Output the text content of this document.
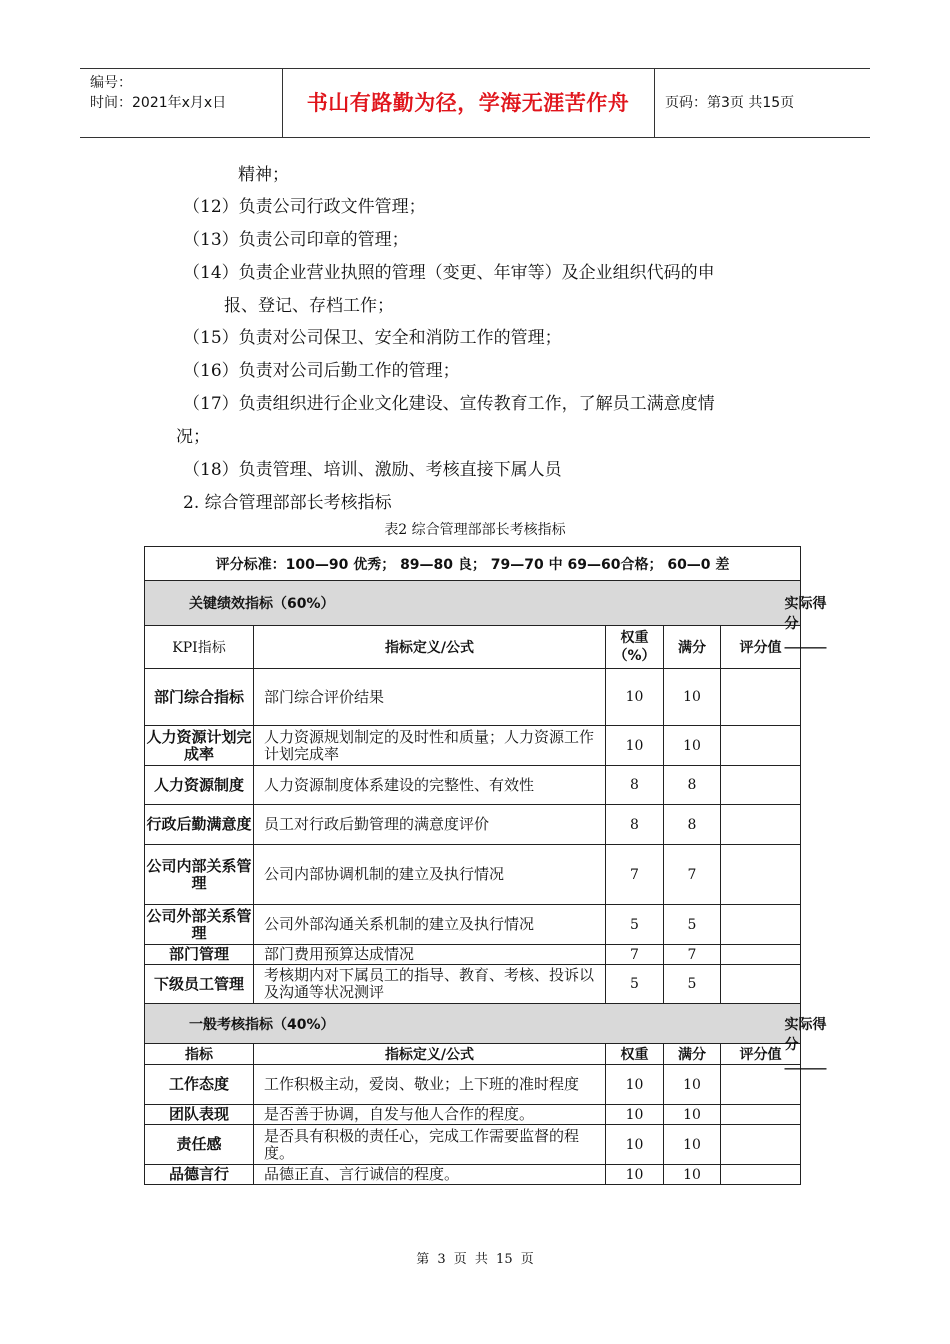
编号：
时间：2021年x月x日	书山有路勤为径，学海无涯苦作舟	页码：第3页 共15页
精神；
（12）负责公司行政文件管理；
（13）负责公司印章的管理；
（14）负责企业营业执照的管理（变更、年审等）及企业组织代码的申
报、登记、存档工作；
（15）负责对公司保卫、安全和消防工作的管理；
（16）负责对公司后勤工作的管理；
（17）负责组织进行企业文化建设、宣传教育工作，了解员工满意度情
况；
（18）负责管理、培训、激励、考核直接下属人员
2. 综合管理部部长考核指标
表2 综合管理部部长考核指标
评分标准：100—90 优秀； 89—80 良； 79—70 中 69—60合格； 60—0 差				
关键绩效指标（60%） 实际得分______				

KPI指标	指标定义/公式	权重（%）	满分	评分值
部门综合指标	部门综合评价结果	10	10	
人力资源计划完成率	人力资源规划制定的及时性和质量；人力资源工作计划完成率	10	10	
人力资源制度	人力资源制度体系建设的完整性、有效性	8	8	
行政后勤满意度	员工对行政后勤管理的满意度评价	8	8	
公司内部关系管理	公司内部协调机制的建立及执行情况	7	7	
公司外部关系管理	公司外部沟通关系机制的建立及执行情况	5	5	
部门管理	部门费用预算达成情况	7	7	
下级员工管理	考核期内对下属员工的指导、教育、考核、投诉以及沟通等状况测评	5	5	
一般考核指标（40%） 实际得分______				

指标	指标定义/公式	权重	满分	评分值
工作态度	工作积极主动，爱岗、敬业；上下班的准时程度	10	10	
团队表现	是否善于协调，自发与他人合作的程度。	10	10	
责任感	是否具有积极的责任心，完成工作需要监督的程度。	10	10	
品德言行	品德正直、言行诚信的程度。	10	10	
第 3 页 共 15 页
